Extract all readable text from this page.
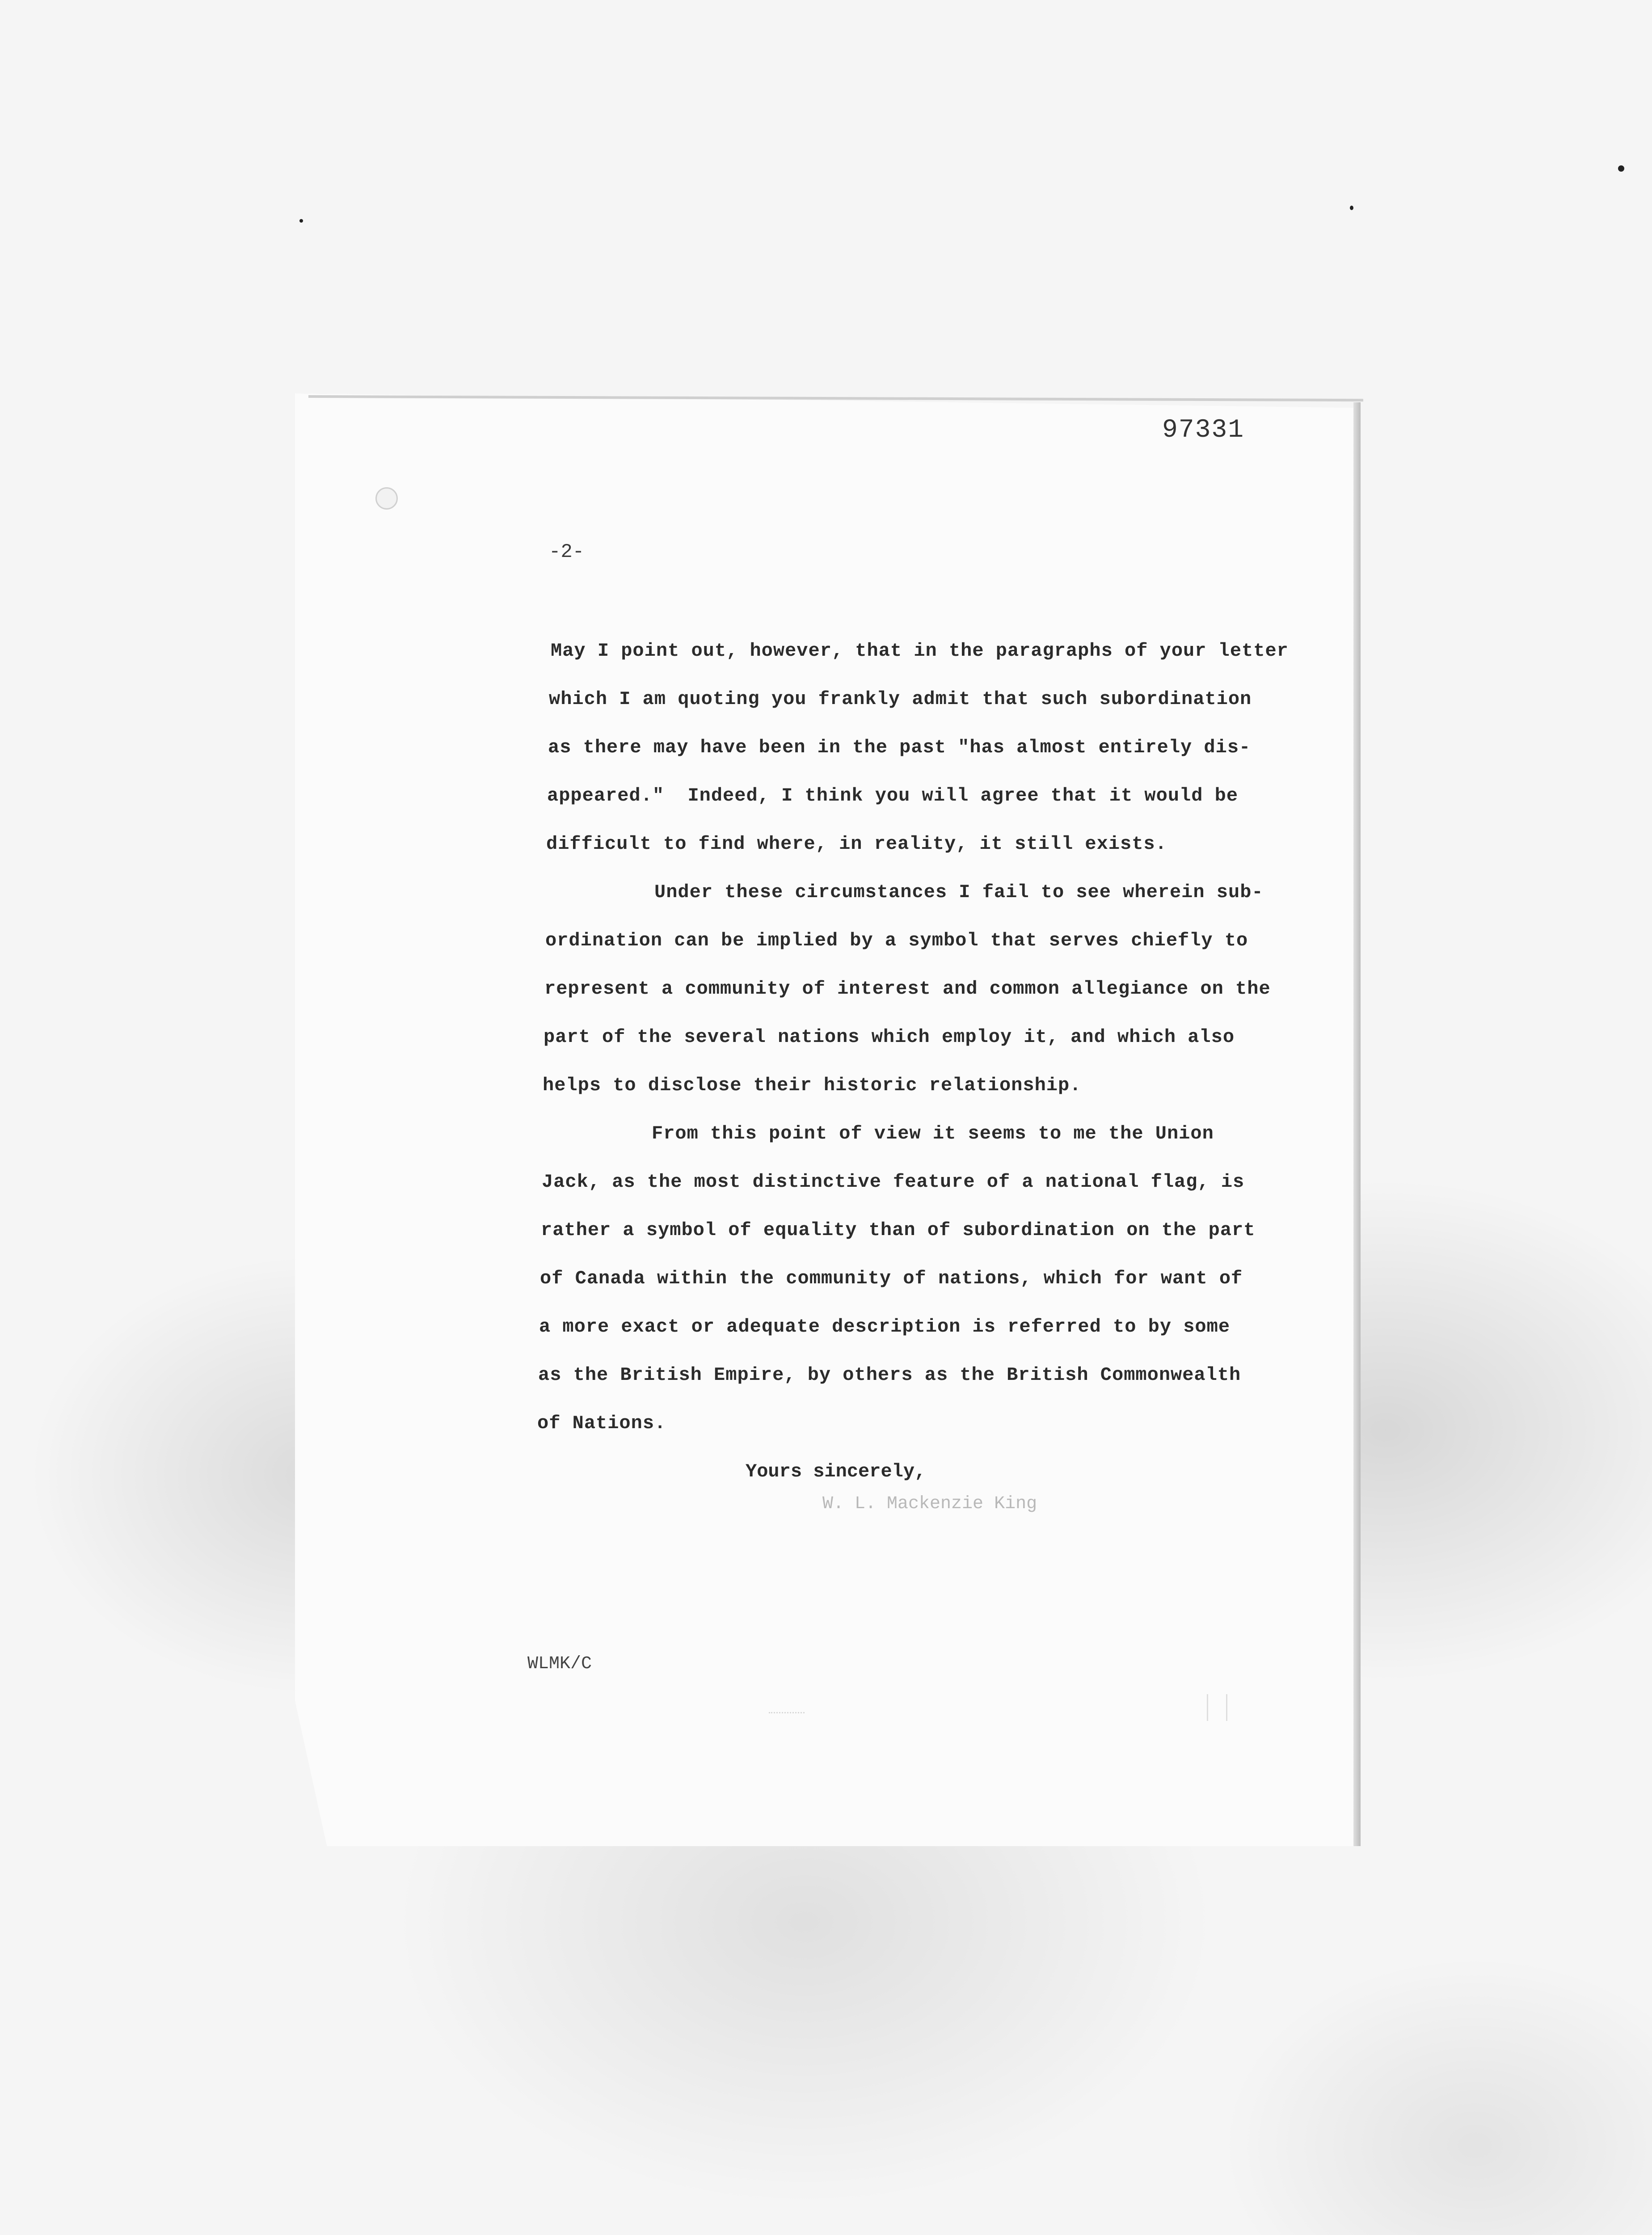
97331
-2-
May I point out, however, that in the paragraphs of your letter
which I am quoting you frankly admit that such subordination
as there may have been in the past "has almost entirely dis-
appeared."  Indeed, I think you will agree that it would be
difficult to find where, in reality, it still exists.
Under these circumstances I fail to see wherein sub-
ordination can be implied by a symbol that serves chiefly to
represent a community of interest and common allegiance on the
part of the several nations which employ it, and which also
helps to disclose their historic relationship.
From this point of view it seems to me the Union
Jack, as the most distinctive feature of a national flag, is
rather a symbol of equality than of subordination on the part
of Canada within the community of nations, which for want of
a more exact or adequate description is referred to by some
as the British Empire, by others as the British Commonwealth
of Nations.
Yours sincerely,
W. L. Mackenzie King
WLMK/C
